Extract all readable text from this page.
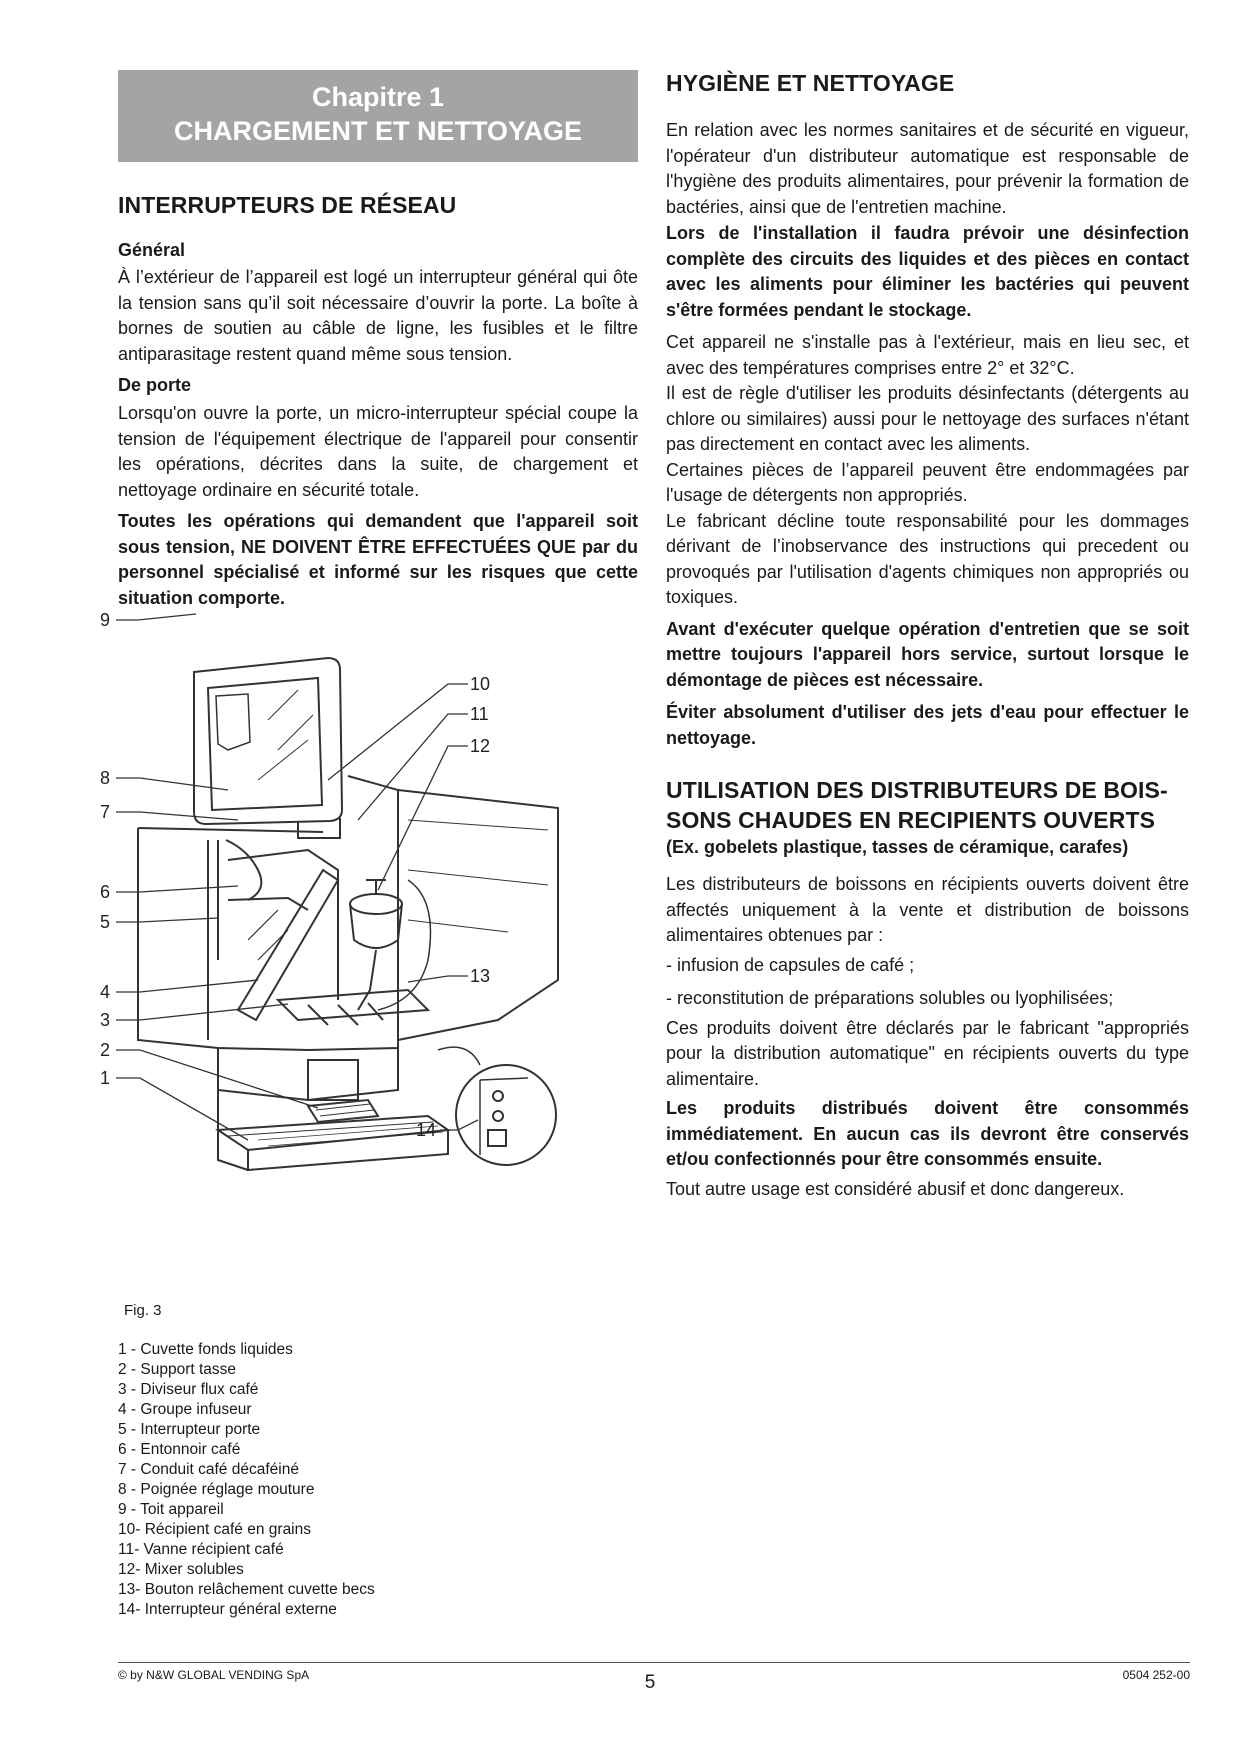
Chapitre 1
CHARGEMENT ET NETTOYAGE
INTERRUPTEURS DE RÉSEAU
Général

À l’extérieur de l’appareil est logé un interrupteur général qui ôte la tension sans qu’il soit nécessaire d’ouvrir la porte. La boîte à bornes de soutien au câble de ligne, les fusibles et le filtre antiparasitage restent quand même sous tension.

De porte

Lorsqu'on ouvre la porte, un micro-interrupteur spécial coupe la tension de l'équipement électrique de l'appareil pour consentir les opérations, décrites dans la suite, de chargement et nettoyage ordinaire en sécurité totale.

Toutes les opérations qui demandent que l'appareil soit sous tension, NE DOIVENT ÊTRE EFFECTUÉES QUE par du personnel spécialisé et informé sur les risques que cette situation comporte.

9
8
7
6
5
4
3
2
1
10
11
12
13
14
Fig. 3
1 - Cuvette fonds liquides
2 - Support tasse
3 - Diviseur flux café
4 - Groupe infuseur
5 - Interrupteur porte
6 - Entonnoir café
7 - Conduit café décaféiné
8 - Poignée réglage mouture
9 - Toit appareil
10- Récipient café en grains
11- Vanne récipient café
12- Mixer solubles
13- Bouton relâchement cuvette becs
14- Interrupteur général externe
HYGIÈNE ET NETTOYAGE

En relation avec les normes sanitaires et de sécurité en vigueur, l'opérateur d'un distributeur automatique est responsable de l'hygiène des produits alimentaires, pour prévenir la formation de bactéries, ainsi que de l'entretien machine.

Lors de l'installation il faudra prévoir une désinfection complète des circuits des liquides et des pièces en contact avec les aliments pour éliminer les bactéries qui peuvent s'être formées pendant le stockage.

Cet appareil ne s'installe pas à l'extérieur, mais en lieu sec, et avec des températures comprises entre 2° et 32°C.

Il est de règle d'utiliser les produits désinfectants (détergents au chlore ou similaires) aussi pour le nettoyage des surfaces n'étant pas directement en contact avec les aliments.

Certaines pièces de l’appareil peuvent être endommagées par l'usage de détergents non appropriés.

Le fabricant décline toute responsabilité pour les dommages dérivant de l’inobservance des instructions qui precedent ou provoqués par l'utilisation d'agents chimiques non appropriés ou toxiques.

Avant d'exécuter quelque opération d'entretien que se soit mettre toujours l'appareil hors service, surtout lorsque le démontage de pièces est nécessaire.

Éviter absolument d'utiliser des jets d'eau pour effectuer le nettoyage.

UTILISATION DES DISTRIBUTEURS DE BOIS-
SONS CHAUDES EN RECIPIENTS OUVERTS
(Ex. gobelets plastique, tasses de céramique, carafes)

Les distributeurs de boissons en récipients ouverts doivent être affectés uniquement à la vente et distribution de boissons alimentaires obtenues par :

- infusion de capsules de café ;

- reconstitution de préparations solubles ou lyophilisées;

Ces produits doivent être déclarés par le fabricant "appropriés pour la distribution automatique" en récipients ouverts du type alimentaire.

Les produits distribués doivent être consommés immédiatement. En aucun cas ils devront être conservés et/ou confectionnés pour être consommés ensuite.

Tout autre usage est considéré abusif et donc dangereux.

© by N&W GLOBAL VENDING SpA	5	0504 252-00
